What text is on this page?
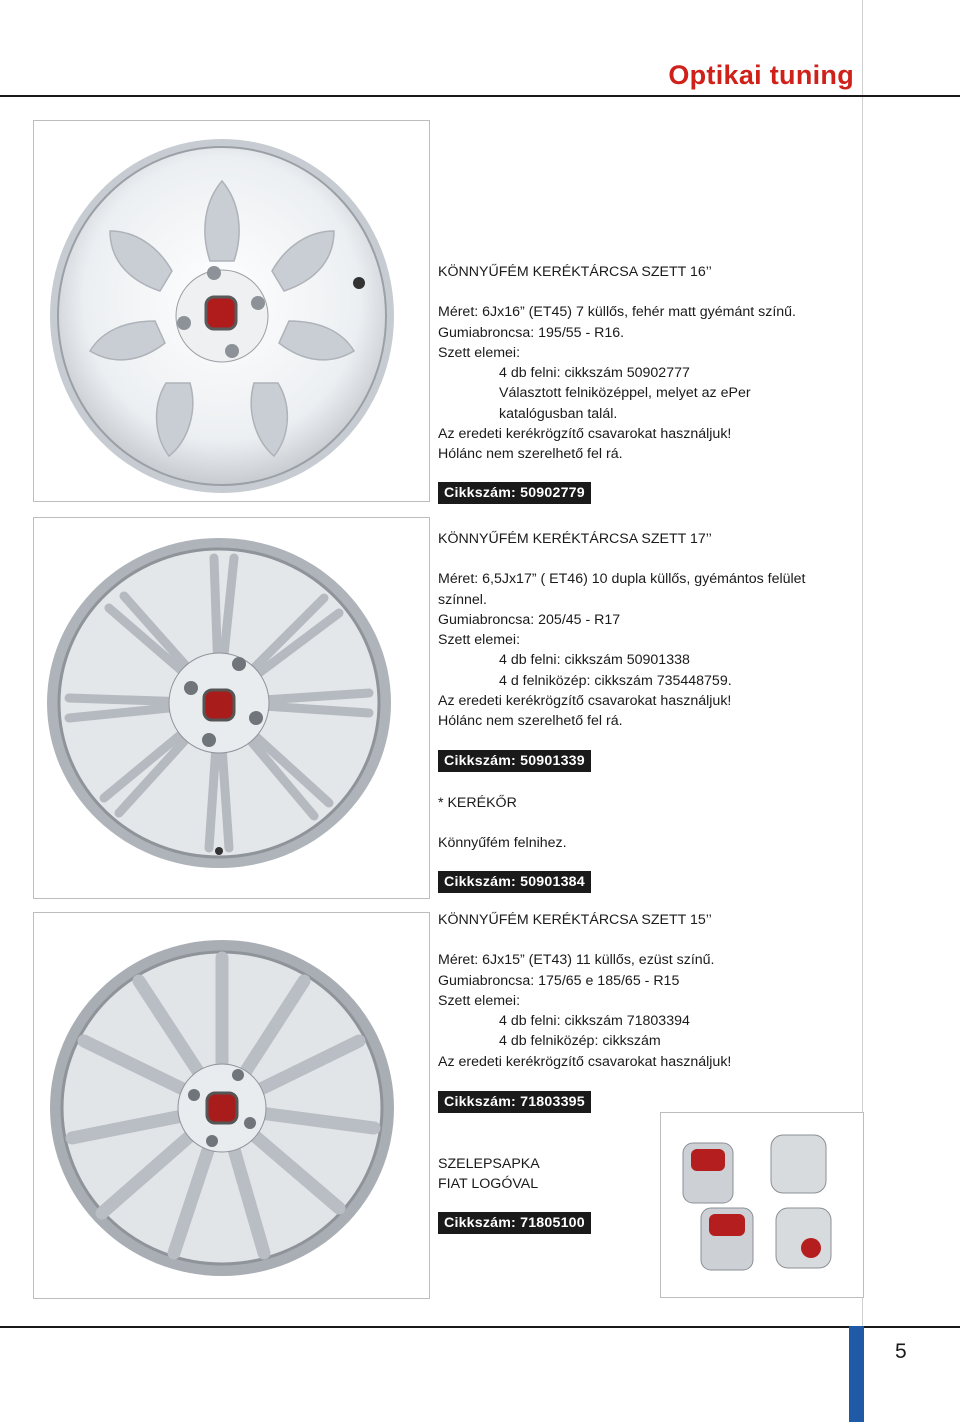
Optikai tuning

KÖNNYŰFÉM KERÉKTÁRCSA SZETT 16’’

Méret: 6Jx16” (ET45) 7 küllős, fehér matt gyémánt színű.

Gumiabroncsa: 195/55 - R16.

Szett elemei:

4 db felni: cikkszám 50902777

Választott felniközéppel, melyet az ePer

katalógusban talál.

Az eredeti kerékrögzítő csavarokat használjuk!

Hólánc nem szerelhető fel rá.

Cikkszám: 50902779

KÖNNYŰFÉM KERÉKTÁRCSA SZETT 17’’

Méret: 6,5Jx17” ( ET46) 10 dupla küllős, gyémántos felület

színnel.

Gumiabroncsa: 205/45 - R17

Szett elemei:

4 db felni: cikkszám 50901338

4 d felniközép: cikkszám 735448759.

Az eredeti kerékrögzítő csavarokat használjuk!

Hólánc nem szerelhető fel rá.

Cikkszám: 50901339

* KERÉKŐR

Könnyűfém felnihez.

Cikkszám: 50901384

KÖNNYŰFÉM KERÉKTÁRCSA SZETT 15’’

Méret: 6Jx15” (ET43) 11 küllős, ezüst színű.

Gumiabroncsa: 175/65 e 185/65 - R15

Szett elemei:

4 db felni: cikkszám 71803394

4 db felniközép: cikkszám

Az eredeti kerékrögzítő csavarokat használjuk!

Cikkszám: 71803395

SZELEPSAPKA

FIAT LOGÓVAL

Cikkszám: 71805100

5
